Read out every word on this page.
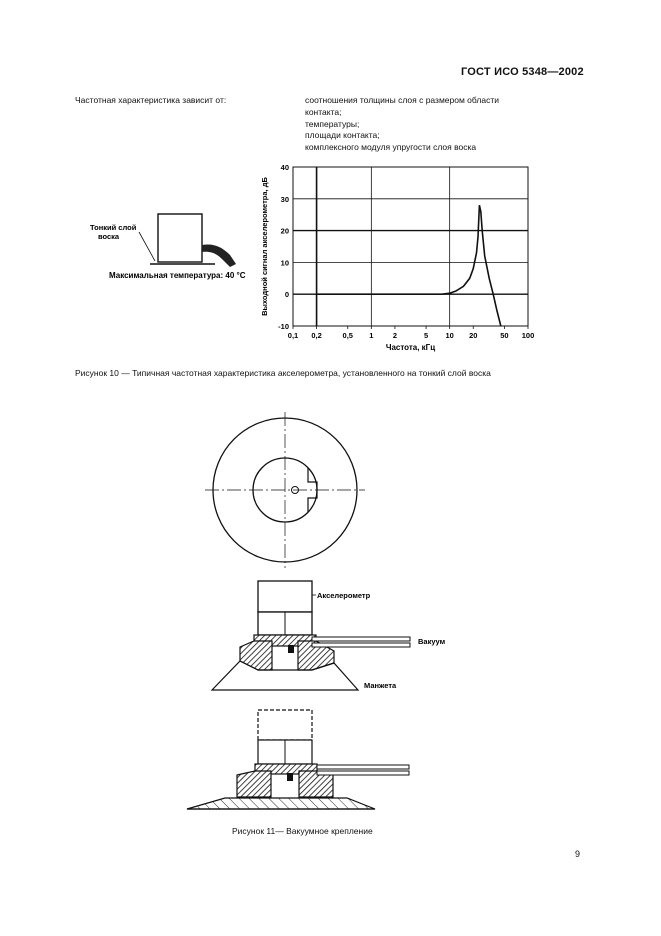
ГОСТ ИСО 5348—2002
Частотная характеристика зависит от:	соотношения толщины слоя с размером области
контакта;
температуры;
площади контакта;
комплексного модуля упругости слоя воска
Тонкий слой
воска
Максимальная температура: 40 °C
0,1 0,2	0,5 1	2	5 10 20	50 100
-10
0
10
20
30
40
Частота, кГц
Выходной сигнал акселерометра, дБ
Рисунок 10 — Типичная частотная характеристика акселерометра, установленного на тонкий слой воска
Акселерометр
Вакуум
Манжета
Рисунок 11— Вакуумное крепление
9
